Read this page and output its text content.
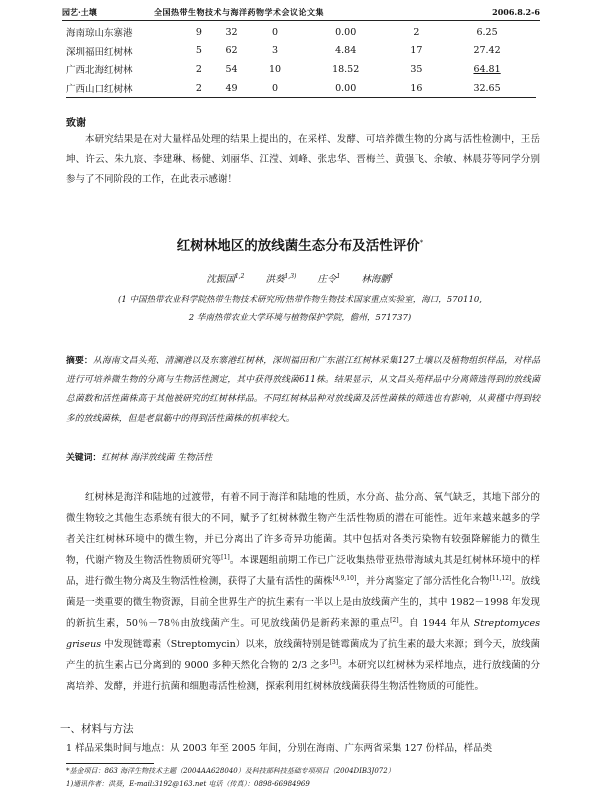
园艺·土壤	全国热带生物技术与海洋药物学术会议论文集	2006.8.2-6
海南琼山东寨港	9	32	0	0.00	2	6.25
深圳福田红树林	5	62	3	4.84	17	27.42
广西北海红树林	2	54	10	18.52	35	64.81
广西山口红树林	2	49	0	0.00	16	32.65
致谢
本研究结果是在对大量样品处理的结果上提出的，在采样、发酵、可培养微生物的分离与活性检测中，王岳坤、许云、朱九宸、李建琳、杨健、刘丽华、江滢、刘峰、张忠华、晋梅兰、黄强飞、余敏、林晨芬等同学分别参与了不同阶段的工作，在此表示感谢！
红树林地区的放线菌生态分布及活性评价*
沈振国$^{1,2}$ 洪葵$^{1,3)}$ 庄令$^1$ 林海鹏$^1$
(1 中国热带农业科学院热带生物技术研究所/热带作物生物技术国家重点实验室，海口，570110,
2 华南热带农业大学环境与植物保护学院，儋州，571737)
摘要：从海南文昌头苑、清澜港以及东寨港红树林，深圳福田和广东湛江红树林采集127土壤以及植物组织样品，对样品进行可培养微生物的分离与生物活性测定，其中获得放线菌611株。结果显示，从文昌头苑样品中分离筛选得到的放线菌总菌数和活性菌株高于其他被研究的红树林样品。不同红树林品种对放线菌及活性菌株的筛选也有影响，从黄槿中得到较多的放线菌株，但是老鼠簕中的得到活性菌株的机率较大。
关键词：红树林 海洋放线菌 生物活性
红树林是海洋和陆地的过渡带，有着不同于海洋和陆地的性质，水分高、盐分高、氧气缺乏，其地下部分的微生物较之其他生态系统有很大的不同，赋予了红树林微生物产生活性物质的潜在可能性。近年来越来越多的学者关注红树林环境中的微生物，并已分离出了许多奇异功能菌。其中包括对各类污染物有较强降解能力的微生物，代谢产物及生物活性物质研究等[1]。本课题组前期工作已广泛收集热带亚热带海域丸其是红树林环境中的样品，进行微生物分离及生物活性检测，获得了大量有活性的菌株[4,9,10]，并分离鉴定了部分活性化合物[11,12]。放线菌是一类重要的微生物资源，目前全世界生产的抗生素有一半以上是由放线菌产生的，其中 1982－1998 年发现的新抗生素，50％－78％由放线菌产生。可见放线菌仍是新药来源的重点[2]。自 1944 年从 Streptomyces griseus 中发现链霉素（Streptomycin）以来，放线菌特别是链霉菌成为了抗生素的最大来源；到今天，放线菌产生的抗生素占已分离到的 9000 多种天然化合物的 2/3 之多[3]。本研究以红树林为采样地点，进行放线菌的分离培养、发酵，并进行抗菌和细胞毒活性检测，探索利用红树林放线菌获得生物活性物质的可能性。
一、材料与方法
1 样品采集时间与地点：从 2003 年至 2005 年间，分别在海南、广东两省采集 127 份样品，样品类
*基金项目：863 海洋生物技术主题（2004AA628040）及科技部科技基础专项项目（2004DIB3J072）
1)通讯作者：洪葵，E-mail:3192@163.net 电话（传真）：0898-66984969
